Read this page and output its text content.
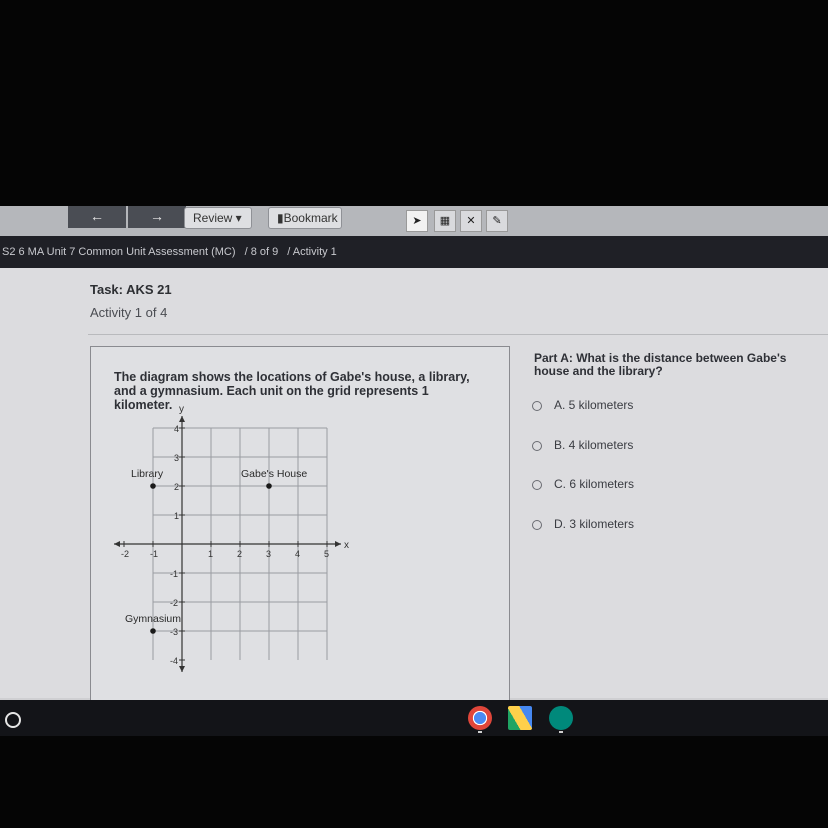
←	→	Review ▾	▮Bookmark	➤	▦	✕	✎
S2 6 MA Unit 7 Common Unit Assessment (MC) / 8 of 9 / Activity 1
Task: AKS 21
Activity 1 of 4
The diagram shows the locations of Gabe's house, a library, and a gymnasium. Each unit on the grid represents 1 kilometer.
x
y
-2 -1	1	2	3	4	5
4
3
2
1
-1
-2
-3
-4
Library	Gabe's House
Gymnasium
Part A: What is the distance between Gabe's house and the library?
A. 5 kilometers
B. 4 kilometers
C. 6 kilometers
D. 3 kilometers
